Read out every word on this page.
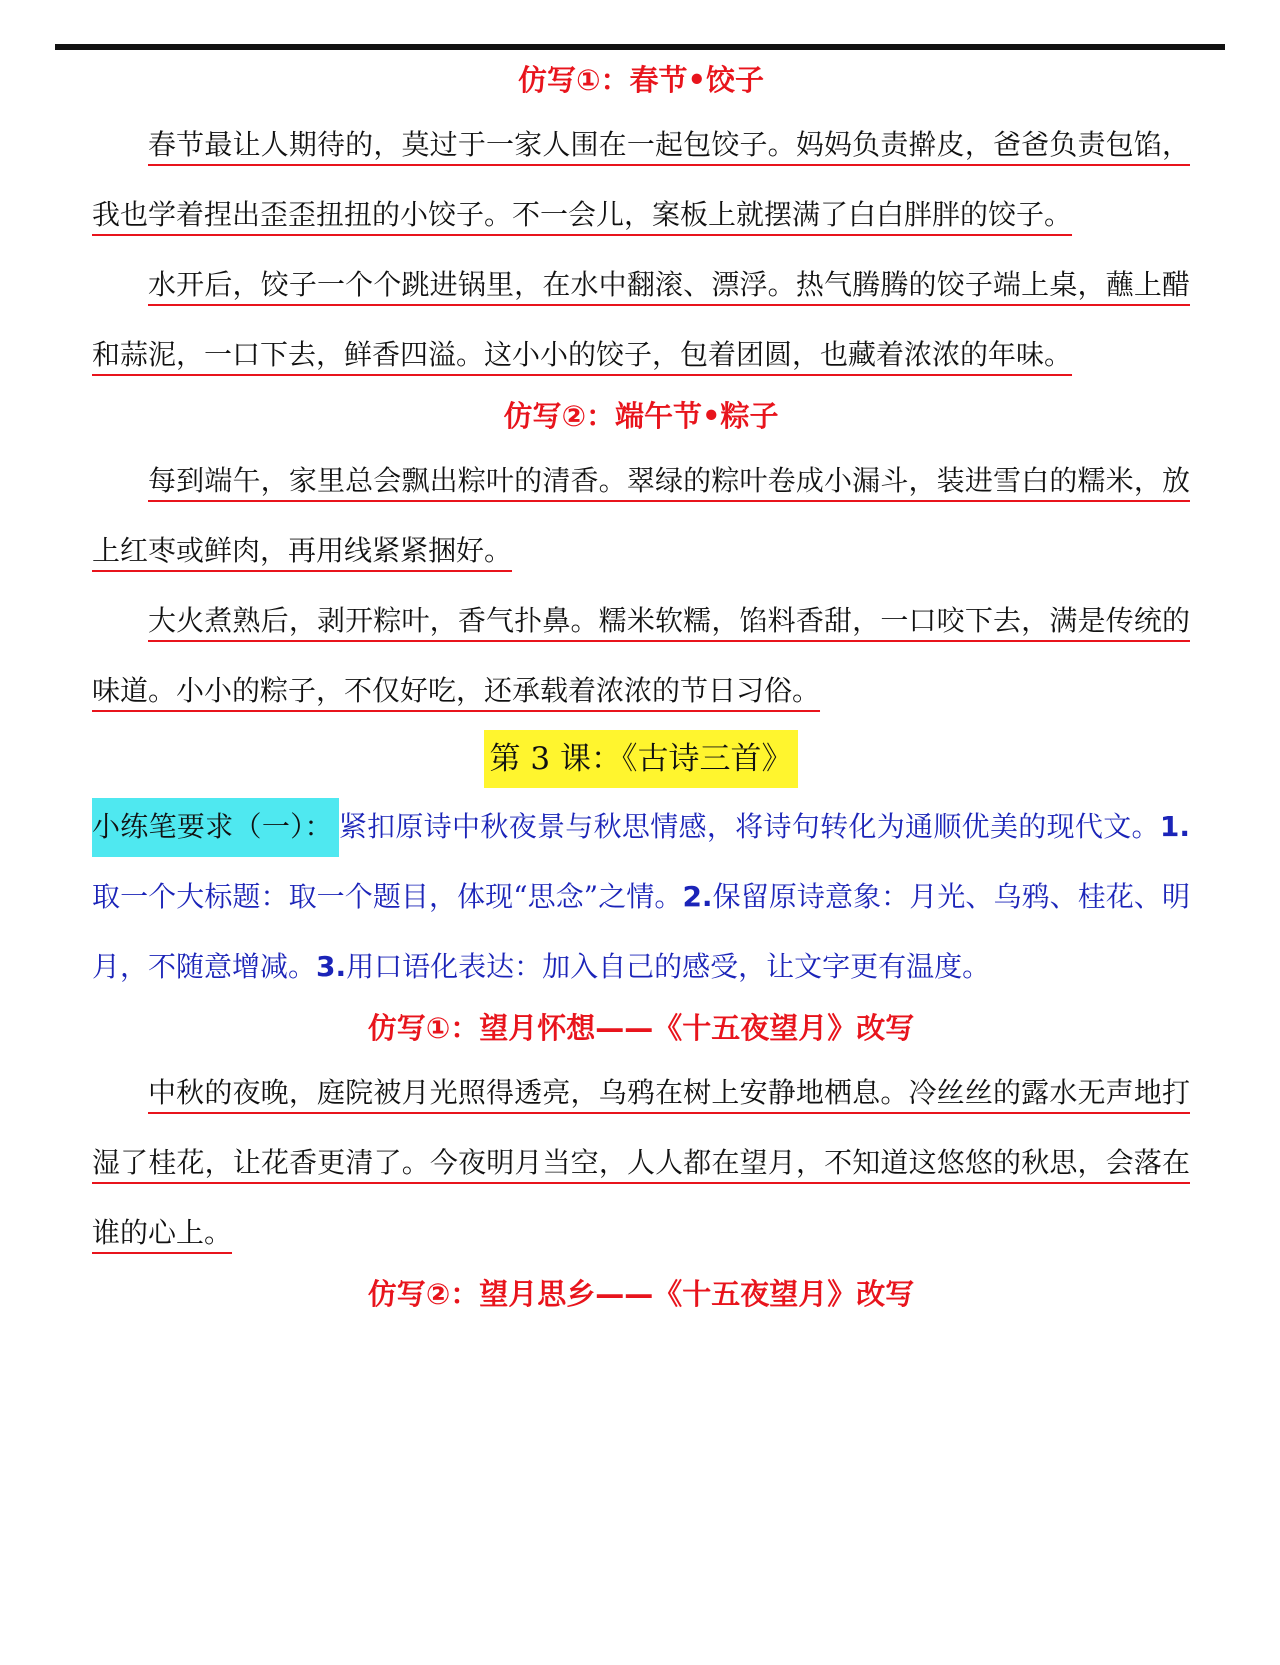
仿写①：春节•饺子

春节最让人期待的，莫过于一家人围在一起包饺子。妈妈负责擀皮，爸爸负责包馅，我也学着捏出歪歪扭扭的小饺子。不一会儿，案板上就摆满了白白胖胖的饺子。

水开后，饺子一个个跳进锅里，在水中翻滚、漂浮。热气腾腾的饺子端上桌，蘸上醋和蒜泥，一口下去，鲜香四溢。这小小的饺子，包着团圆，也藏着浓浓的年味。

仿写②：端午节•粽子

每到端午，家里总会飘出粽叶的清香。翠绿的粽叶卷成小漏斗，装进雪白的糯米，放上红枣或鲜肉，再用线紧紧捆好。

大火煮熟后，剥开粽叶，香气扑鼻。糯米软糯，馅料香甜，一口咬下去，满是传统的味道。小小的粽子，不仅好吃，还承载着浓浓的节日习俗。

第 3 课：《古诗三首》

小练笔要求（一）： 紧扣原诗中秋夜景与秋思情感，将诗句转化为通顺优美的现代文。1.取一个大标题：取一个题目，体现“思念”之情。2.保留原诗意象：月光、乌鸦、桂花、明月，不随意增减。3.用口语化表达：加入自己的感受，让文字更有温度。

仿写①：望月怀想——《十五夜望月》改写

中秋的夜晚，庭院被月光照得透亮，乌鸦在树上安静地栖息。冷丝丝的露水无声地打湿了桂花，让花香更清了。今夜明月当空，人人都在望月，不知道这悠悠的秋思，会落在谁的心上。

仿写②：望月思乡——《十五夜望月》改写
